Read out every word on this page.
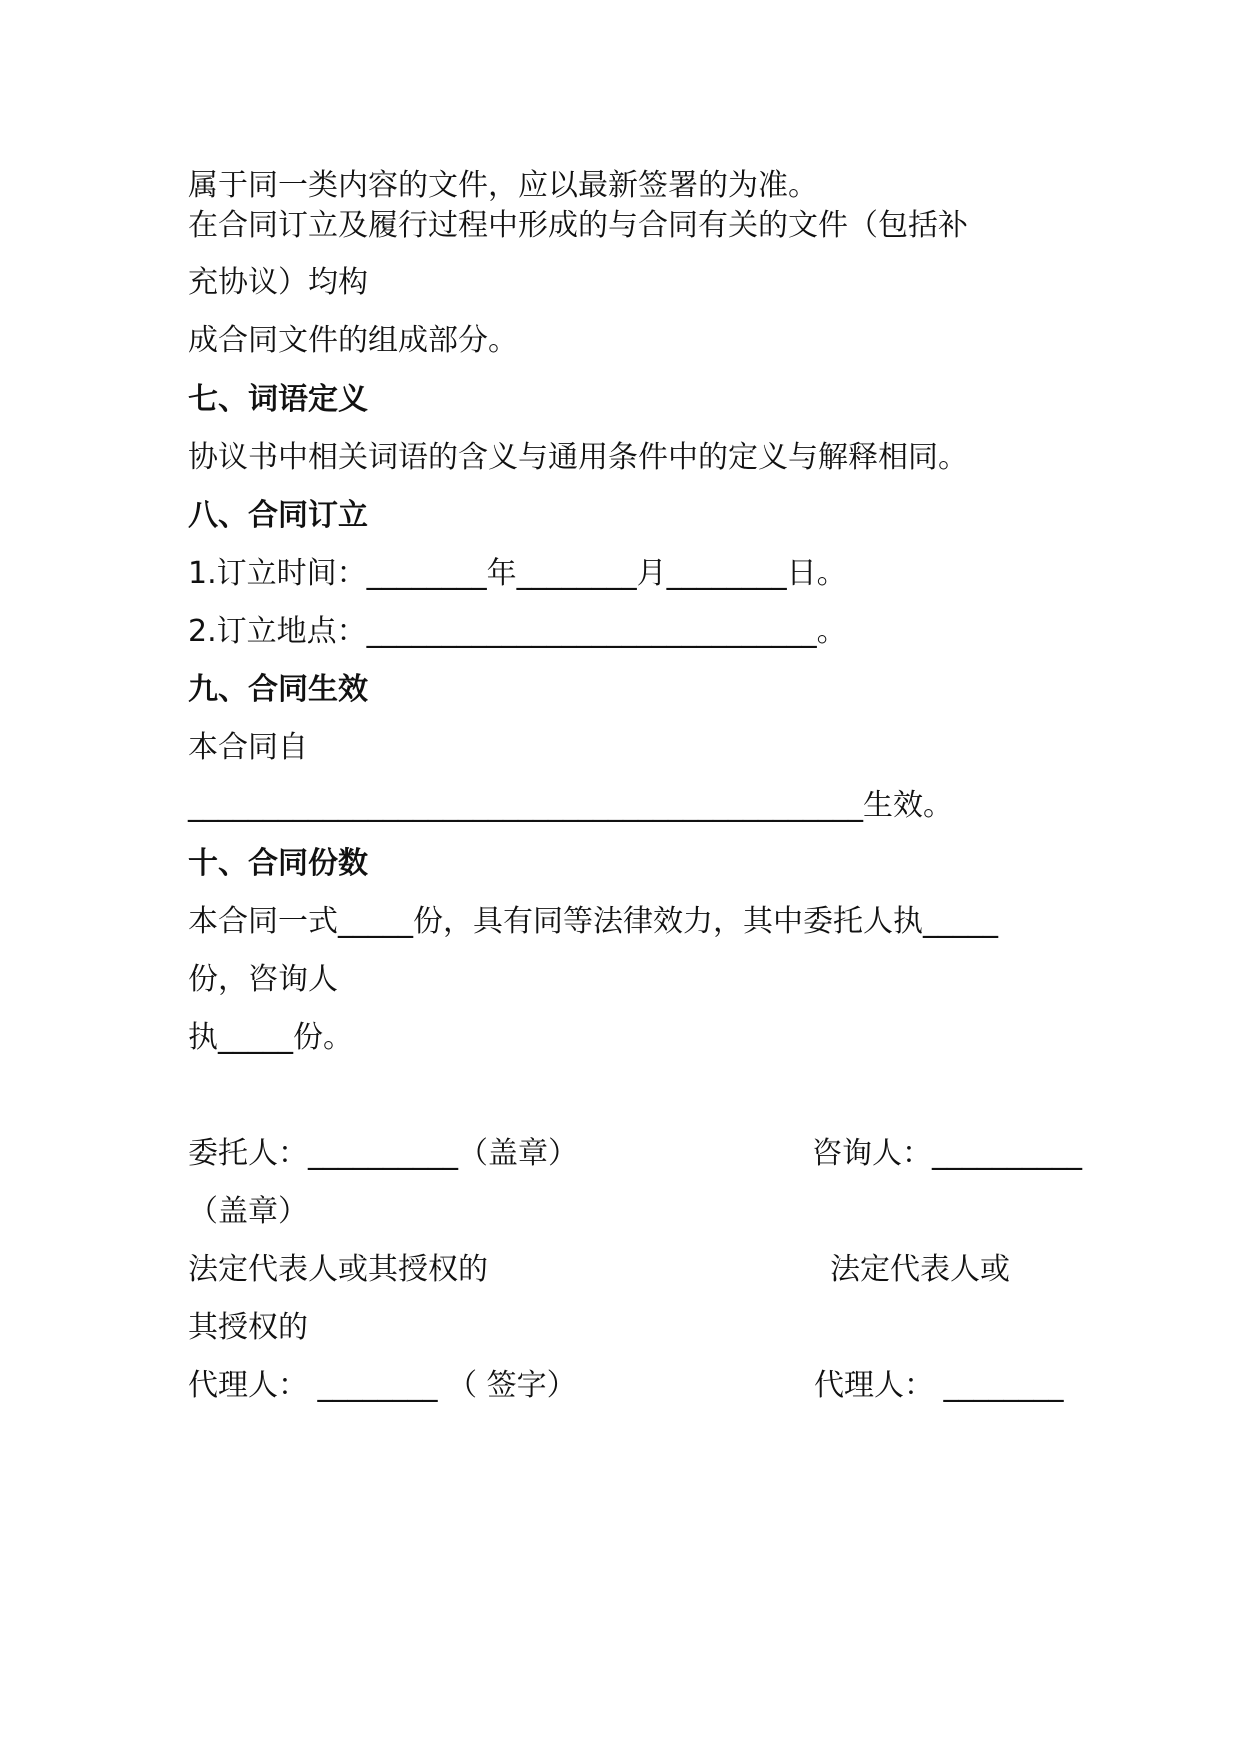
属于同一类内容的文件，应以最新签署的为准。
在合同订立及履行过程中形成的与合同有关的文件（包括补
充协议）均构
成合同文件的组成部分。
七、词语定义
协议书中相关词语的含义与通用条件中的定义与解释相同。
八、合同订立
1.订立时间：________年________月________日。
2.订立地点：______________________________。
九、合同生效
本合同自
_____________________________________________生效。
十、合同份数
本合同一式_____份，具有同等法律效力，其中委托人执_____
份，咨询人
执_____份。
委托人：__________（盖章）	咨询人：__________
（盖章）
法定代表人或其授权的	法定代表人或
其授权的
代理人： ________ （ 签字）	代理人： ________
